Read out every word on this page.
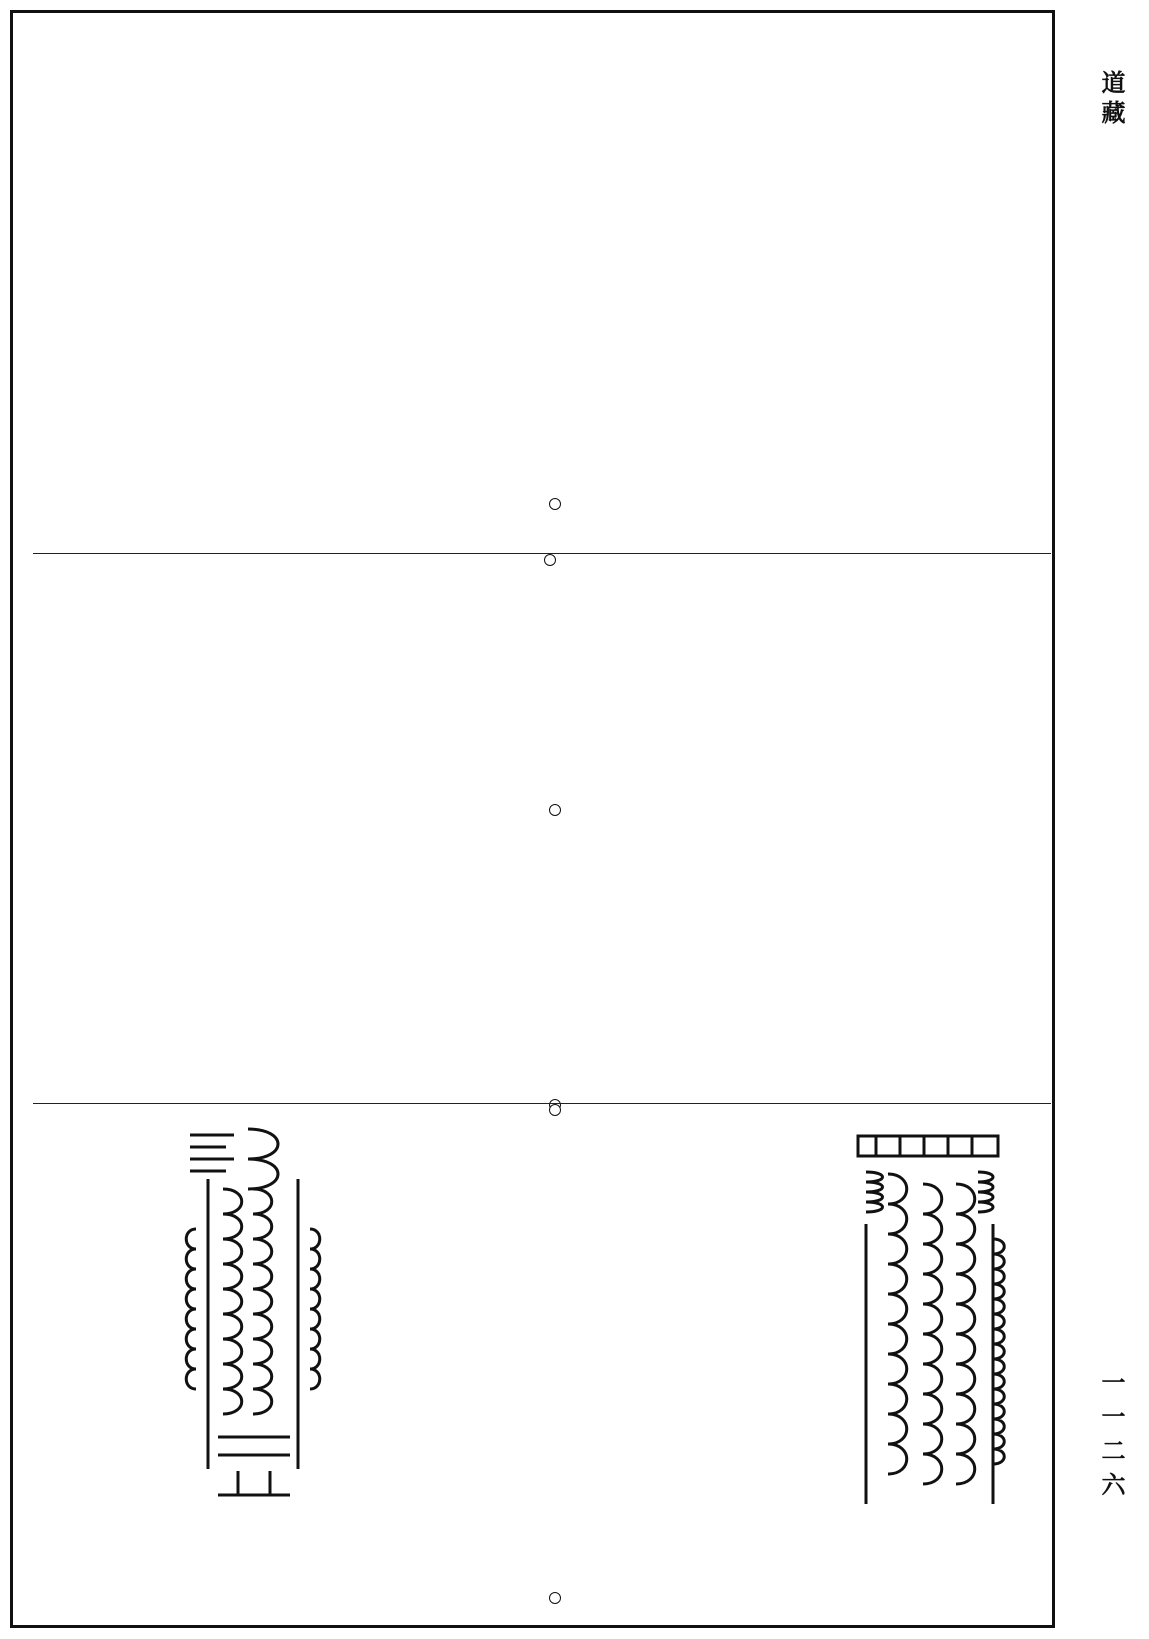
道藏
一一二六
